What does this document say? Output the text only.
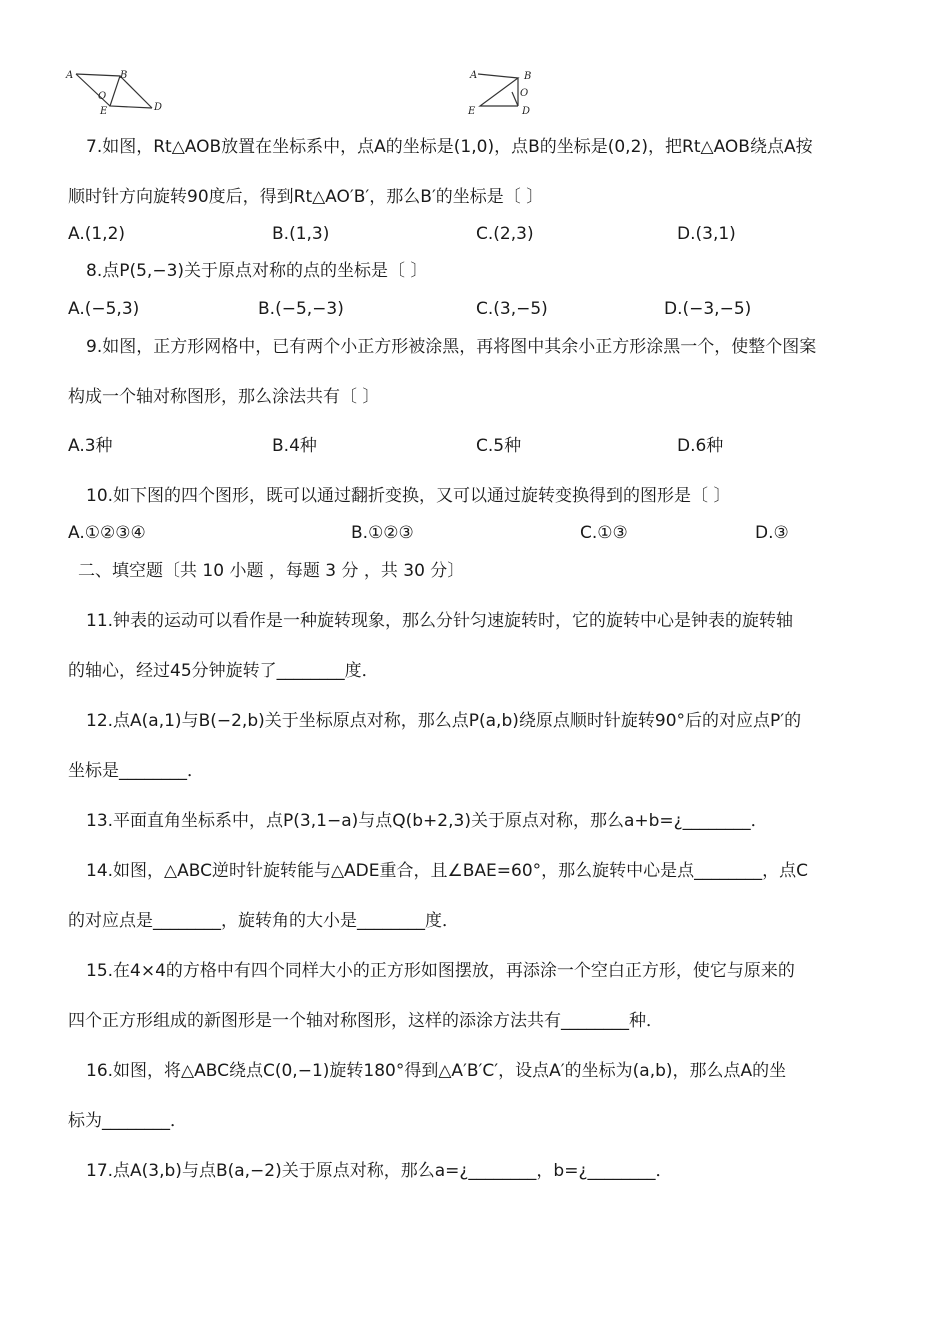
A	B
O
E	D
A	B
O
E	D
7.如图，Rt△AOB放置在坐标系中，点A的坐标是(1,0)，点B的坐标是(0,2)，把Rt△AOB绕点A按
顺时针方向旋转90度后，得到Rt△AO′B′，那么B′的坐标是〔 〕
A.(1,2)	B.(1,3)	C.(2,3)	D.(3,1)
8.点P(5,−3)关于原点对称的点的坐标是〔 〕
A.(−5,3)	B.(−5,−3)	C.(3,−5)	D.(−3,−5)
9.如图，正方形网格中，已有两个小正方形被涂黑，再将图中其余小正方形涂黑一个，使整个图案
构成一个轴对称图形，那么涂法共有〔 〕
A.3种	B.4种	C.5种	D.6种
10.如下图的四个图形，既可以通过翻折变换，又可以通过旋转变换得到的图形是〔 〕
A.①②③④	B.①②③	C.①③	D.③
二、填空题〔共 10 小题 ，每题 3 分 ，共 30 分〕
11.钟表的运动可以看作是一种旋转现象，那么分针匀速旋转时，它的旋转中心是钟表的旋转轴
的轴心，经过45分钟旋转了________度．
12.点A(a,1)与B(−2,b)关于坐标原点对称，那么点P(a,b)绕原点顺时针旋转90°后的对应点P′的
坐标是________．
13.平面直角坐标系中，点P(3,1−a)与点Q(b+2,3)关于原点对称，那么a+b=¿________．
14.如图，△ABC逆时针旋转能与△ADE重合，且∠BAE=60°，那么旋转中心是点________，点C
的对应点是________，旋转角的大小是________度．
15.在4×4的方格中有四个同样大小的正方形如图摆放，再添涂一个空白正方形，使它与原来的
四个正方形组成的新图形是一个轴对称图形，这样的添涂方法共有________种．
16.如图，将△ABC绕点C(0,−1)旋转180°得到△A′B′C′，设点A′的坐标为(a,b)，那么点A的坐
标为________．
17.点A(3,b)与点B(a,−2)关于原点对称，那么a=¿________，b=¿________．
